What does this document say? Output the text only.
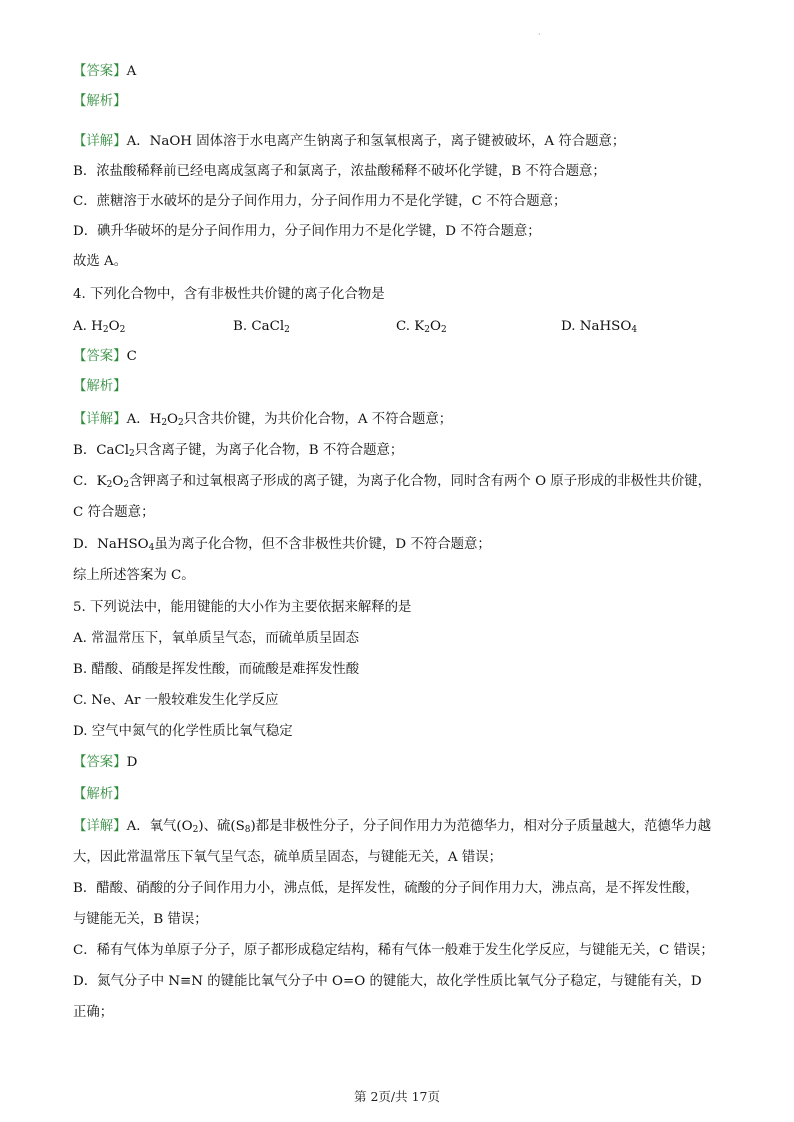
·
【答案】A
【解析】
【详解】A．NaOH 固体溶于水电离产生钠离子和氢氧根离子，离子键被破坏，A 符合题意；
B．浓盐酸稀释前已经电离成氢离子和氯离子，浓盐酸稀释不破坏化学键，B 不符合题意；
C．蔗糖溶于水破坏的是分子间作用力，分子间作用力不是化学键，C 不符合题意；
D．碘升华破坏的是分子间作用力，分子间作用力不是化学键，D 不符合题意；
故选 A。
4. 下列化合物中，含有非极性共价键的离子化合物是
A. $H_2O_2$	B. CaCl$_2$	C. $K_2O_2$	D. NaHSO$_4$
【答案】C
【解析】
【详解】A．$H_2O_2$只含共价键，为共价化合物，A 不符合题意；
B．CaCl$_2$只含离子键，为离子化合物，B 不符合题意；
C．$K_2O_2$含钾离子和过氧根离子形成的离子键，为离子化合物，同时含有两个 O 原子形成的非极性共价键，
C 符合题意；
D．NaHSO$_4$虽为离子化合物，但不含非极性共价键，D 不符合题意；
综上所述答案为 C。
5. 下列说法中，能用键能的大小作为主要依据来解释的是
A. 常温常压下，氧单质呈气态，而硫单质呈固态
B. 醋酸、硝酸是挥发性酸，而硫酸是难挥发性酸
C. Ne、Ar 一般较难发生化学反应
D. 空气中氮气的化学性质比氧气稳定
【答案】D
【解析】
【详解】A．氧气$(O_2)$、硫$(S_8)$都是非极性分子，分子间作用力为范德华力，相对分子质量越大，范德华力越
大，因此常温常压下氧气呈气态，硫单质呈固态，与键能无关，A 错误；
B．醋酸、硝酸的分子间作用力小，沸点低，是挥发性，硫酸的分子间作用力大，沸点高，是不挥发性酸，
与键能无关，B 错误；
C．稀有气体为单原子分子，原子都形成稳定结构，稀有气体一般难于发生化学反应，与键能无关，C 错误；
D．氮气分子中 N≡N 的键能比氧气分子中 O=O 的键能大，故化学性质比氧气分子稳定，与键能有关，D
正确；
第 2页/共 17页
